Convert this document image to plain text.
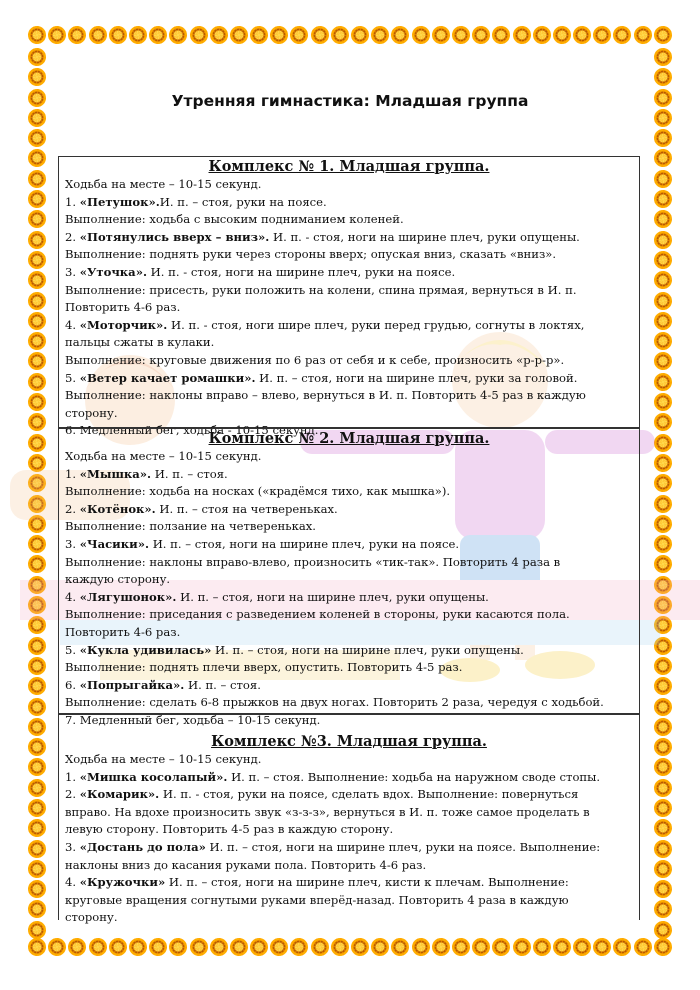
Утренняя гимнастика: Младшая группа
Комплекс № 1. Младшая группа.
Ходьба на месте – 10-15 секунд.
1. «Петушок».И. п. – стоя, руки на поясе.
Выполнение: ходьба с высоким подниманием коленей.
2. «Потянулись вверх – вниз». И. п. - стоя, ноги на ширине плеч, руки опущены.
Выполнение: поднять руки через стороны вверх; опуская вниз, сказать «вниз».
3. «Уточка». И. п. - стоя, ноги на ширине плеч, руки на поясе.
Выполнение: присесть, руки положить на колени, спина прямая, вернуться в И. п.
Повторить 4-6 раз.
4. «Моторчик». И. п. - стоя, ноги шире плеч, руки перед грудью, согнуты в локтях,
пальцы сжаты в кулаки.
Выполнение: круговые движения по 6 раз от себя и к себе, произносить «р-р-р».
5. «Ветер качает ромашки». И. п. – стоя, ноги на ширине плеч, руки за головой.
Выполнение: наклоны вправо – влево, вернуться в И. п. Повторить 4-5 раз в каждую
сторону.
6. Медленный бег, ходьба - 10-15 секунд.
Комплекс № 2. Младшая группа.
Ходьба на месте – 10-15 секунд.
1. «Мышка». И. п. – стоя.
Выполнение: ходьба на носках («крадёмся тихо, как мышка»).
2. «Котёнок». И. п. – стоя на четвереньках.
Выполнение: ползание на четвереньках.
3. «Часики». И. п. – стоя, ноги на ширине плеч, руки на поясе.
Выполнение: наклоны вправо-влево, произносить «тик-так». Повторить 4 раза в
каждую сторону.
4. «Лягушонок». И. п. – стоя, ноги на ширине плеч, руки опущены.
Выполнение: приседания с разведением коленей в стороны, руки касаются пола.
Повторить 4-6 раз.
5. «Кукла удивилась» И. п. – стоя, ноги на ширине плеч, руки опущены.
Выполнение: поднять плечи вверх, опустить. Повторить 4-5 раз.
6. «Попрыгайка». И. п. – стоя.
Выполнение: сделать 6-8 прыжков на двух ногах. Повторить 2 раза, чередуя с ходьбой.
7. Медленный бег, ходьба – 10-15 секунд.
Комплекс №3. Младшая группа.
Ходьба на месте – 10-15 секунд.
1. «Мишка косолапый». И. п. – стоя. Выполнение: ходьба на наружном своде стопы.
2. «Комарик». И. п. - стоя, руки на поясе, сделать вдох. Выполнение: повернуться
вправо. На вдохе произносить звук «з-з-з», вернуться в И. п. тоже самое проделать в
левую сторону. Повторить 4-5 раз в каждую сторону.
3. «Достань до пола» И. п. – стоя, ноги на ширине плеч, руки на поясе. Выполнение:
наклоны вниз до касания руками пола. Повторить 4-6 раз.
4. «Кружочки» И. п. – стоя, ноги на ширине плеч, кисти к плечам. Выполнение:
круговые вращения согнутыми руками вперёд-назад. Повторить 4 раза в каждую
сторону.
